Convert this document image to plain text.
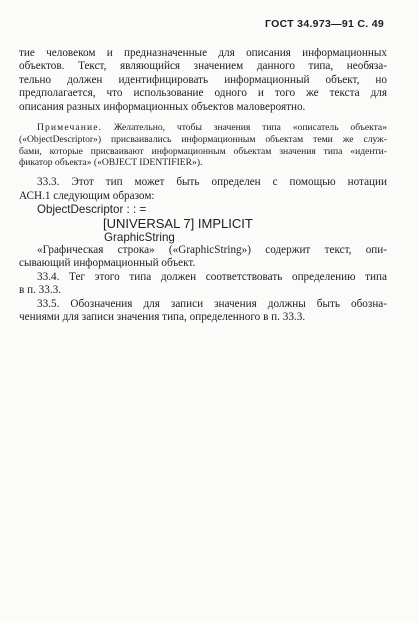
ГОСТ 34.973—91 С. 49
тие человеком и предназначенные для описания информационных
объектов. Текст, являющийся значением данного типа, необяза-
тельно должен идентифицировать информационный объект, но
предполагается, что использование одного и того же текста для
описания разных информационных объектов маловероятно.
Примечание. Желательно, чтобы значения типа «описатель объекта»
(«ObjectDescriptor») присваивались информационным объектам теми же служ-
бами, которые присваивают информационным объектам значения типа «иденти-
фикатор объекта» («OBJECT IDENTIFIER»).
33.3. Этот тип может быть определен с помощью нотации
АСН.1 следующим образом:
ObjectDescriptor : : =
[UNIVERSAL 7] IMPLICIT
GraphicString
«Графическая строка» («GraphicString») содержит текст, опи-
сывающий информационный объект.
33.4. Тег этого типа должен соответствовать определению типа
в п. 33.3.
33.5. Обозначения для записи значения должны быть обозна-
чениями для записи значения типа, определенного в п. 33.3.
